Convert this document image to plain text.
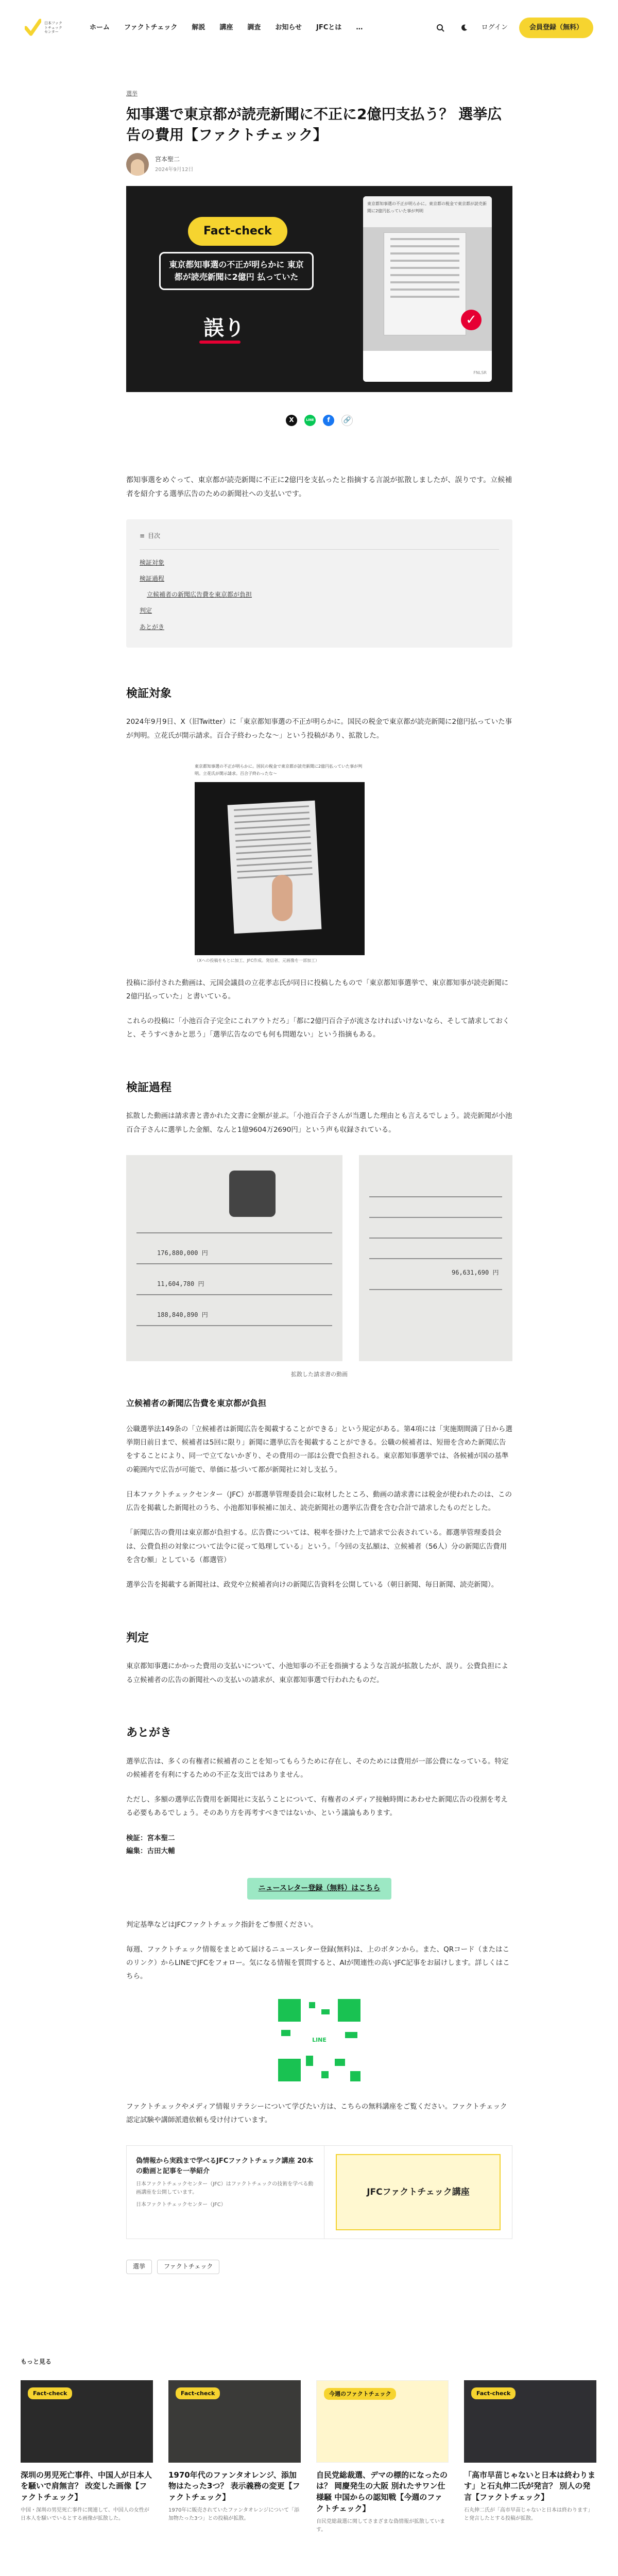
日本ファクトチェックセンター
ホーム ファクトチェック 解説 講座 調査 お知らせ JFCとは …	ログイン	会員登録（無料）
選挙
知事選で東京都が読売新聞に不正に2億円支払う？ 選挙広告の費用【ファクトチェック】
宮本聖二
2024年9月12日
Fact-check
東京都知事選の不正が明らかに 東京都が読売新聞に2億円 払っていた
誤り
東京都知事選の不正が明らかに。東京都の税金で東京都が読売新聞に2億円払っていた事が判明
✓
FNLSR
X	LINE	f	🔗

都知事選をめぐって、東京都が読売新聞に不正に2億円を支払ったと指摘する言説が拡散しましたが、誤りです。立候補者を紹介する選挙広告のための新聞社への支払いです。

≡ 目次
検証対象
検証過程
立候補者の新聞広告費を東京都が負担
判定
あとがき
検証対象

2024年9月9日、X（旧Twitter）に「東京都知事選の不正が明らかに。国民の税金で東京都が読売新聞に2億円払っていた事が判明。立花氏が開示請求。百合子終わったな〜」という投稿があり、拡散した。

東京都知事選の不正が明らかに。国民の税金で東京都が読売新聞に2億円払っていた事が判明。立花氏が開示請求。百合子終わったな〜
（Xへの投稿をもとに加工、JFC作成。発信者、元画像を一部加工）

投稿に添付された動画は、元国会議員の立花孝志氏が同日に投稿したもので「東京都知事選挙で、東京都知事が読売新聞に2億円払っていた」と書いている。

これらの投稿に「小池百合子完全にこれアウトだろ」「都に2億円百合子が流さなければいけないなら、そして請求しておくと、そうすべきかと思う」「選挙広告なのでも何も問題ない」という指摘もある。

検証過程

拡散した動画は請求書と書かれた文書に金額が並ぶ。「小池百合子さんが当選した理由とも言えるでしょう。読売新聞が小池百合子さんに選挙した金額、なんと1億9604万2690円」という声も収録されている。

176,880,000 円
11,604,780 円
188,840,890 円
96,631,690 円
拡散した請求書の動画
立候補者の新聞広告費を東京都が負担

公職選挙法149条の「立候補者は新聞広告を掲載することができる」という規定がある。第4項には「実施期間満了日から選挙期日前日まで、候補者は5回に限り」新聞に選挙広告を掲載することができる。公職の候補者は、短冊を含めた新聞広告をすることにより、同一で立てないかぎり、その費用の一部は公費で負担される。東京都知事選挙では、各候補が国の基準の範囲内で広告が可能で、単価に基づいて都が新聞社に対し支払う。

日本ファクトチェックセンター（JFC）が都選挙管理委員会に取材したところ、動画の請求書には税金が使われたのは、この広告を掲載した新聞社のうち、小池都知事候補に加え、読売新聞社の選挙広告費を含む合計で請求したものだとした。

「新聞広告の費用は東京都が負担する。広告費については、税率を掛けた上で請求で公表されている。都選挙管理委員会は、公費負担の対象について法令に従って処理している」という。「今回の支払額は、立候補者（56人）分の新聞広告費用を含む額」としている（都選管）

選挙公告を掲載する新聞社は、政党や立候補者向けの新聞広告資料を公開している（朝日新聞、毎日新聞、読売新聞）。

判定

東京都知事選にかかった費用の支払いについて、小池知事の不正を指摘するような言説が拡散したが、誤り。公費負担による立候補者の広告の新聞社への支払いの請求が、東京都知事選で行われたものだ。

あとがき

選挙広告は、多くの有権者に候補者のことを知ってもらうために存在し、そのためには費用が一部公費になっている。特定の候補者を有利にするための不正な支出ではありません。

ただし、多額の選挙広告費用を新聞社に支払うことについて、有権者のメディア接触時間にあわせた新聞広告の役割を考える必要もあるでしょう。そのあり方を再考すべきではないか、という議論もあります。

検証：宮本聖二

編集：古田大輔

ニュースレター登録（無料）はこちら

判定基準などはJFCファクトチェック指針をご参照ください。

毎週、ファクトチェック情報をまとめて届けるニュースレター登録(無料)は、上のボタンから。また、QRコード（またはこのリンク）からLINEでJFCをフォロー。気になる情報を質問すると、AIが関連性の高いJFC記事をお届けします。詳しくはこちら。

LINE

ファクトチェックやメディア情報リテラシーについて学びたい方は、こちらの無料講座をご覧ください。ファクトチェック認定試験や講師派遣依頼も受け付けています。

偽情報から実践まで学べるJFCファクトチェック講座 20本の動画と記事を一挙紹介
日本ファクトチェックセンター（JFC）はファクトチェックの技術を学べる動画講座を公開しています。
日本ファクトチェックセンター（JFC）
JFCファクトチェック講座
選挙	ファクトチェック
もっと見る
Fact-check
深圳の男児死亡事件、中国人が日本人を騒いで肩無言？ 改変した画像【ファクトチェック】
中国・深圳の男児死亡事件に関連して、中国人の女性が日本人を騒いでいるとする画像が拡散した。
Fact-check
1970年代のファンタオレンジ、添加物はたった3つ？ 表示義務の変更【ファクトチェック】
1970年に販売されていたファンタオレンジについて「添加物たった3つ」との投稿が拡散。
今週のファクトチェック
自民党総裁選、デマの標的になったのは？ 岡慶発生の大阪 別れたサワン仕様騒 中国からの認知戦【今週のファクトチェック】
自民党総裁選に関してさまざまな偽情報が拡散しています。
Fact-check
「高市早苗じゃないと日本は終わります」と石丸伸二氏が発言？ 別人の発言【ファクトチェック】
石丸伸二氏が「高市早苗じゃないと日本は終わります」と発言したとする投稿が拡散。
